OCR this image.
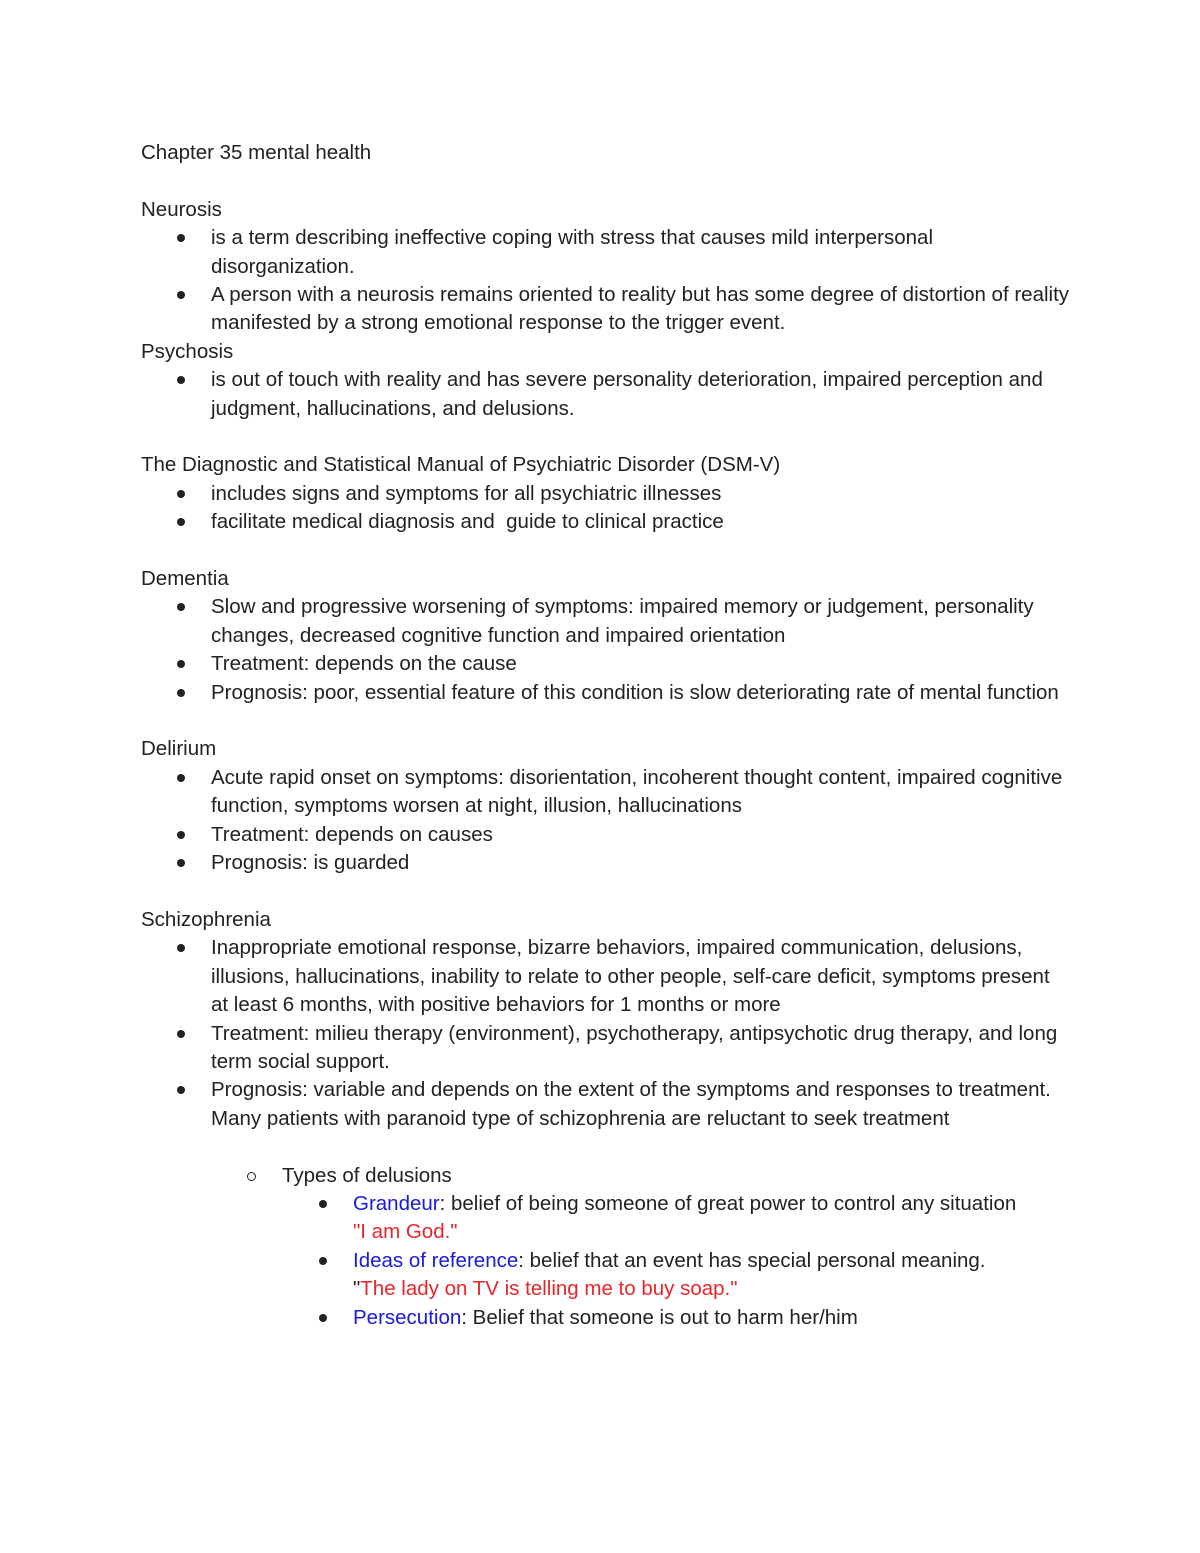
Chapter 35 mental health

Neurosis

is a term describing ineffective coping with stress that causes mild interpersonal disorganization.
A person with a neurosis remains oriented to reality but has some degree of distortion of reality manifested by a strong emotional response to the trigger event.

Psychosis

is out of touch with reality and has severe personality deterioration, impaired perception and judgment, hallucinations, and delusions.

The Diagnostic and Statistical Manual of Psychiatric Disorder (DSM-V)

includes signs and symptoms for all psychiatric illnesses
facilitate medical diagnosis and  guide to clinical practice

Dementia

Slow and progressive worsening of symptoms: impaired memory or judgement, personality changes, decreased cognitive function and impaired orientation
Treatment: depends on the cause
Prognosis: poor, essential feature of this condition is slow deteriorating rate of mental function

Delirium

Acute rapid onset on symptoms: disorientation, incoherent thought content, impaired cognitive function, symptoms worsen at night, illusion, hallucinations
Treatment: depends on causes
Prognosis: is guarded

Schizophrenia

Inappropriate emotional response, bizarre behaviors, impaired communication, delusions, illusions, hallucinations, inability to relate to other people, self-care deficit, symptoms present at least 6 months, with positive behaviors for 1 months or more
Treatment: milieu therapy (environment), psychotherapy, antipsychotic drug therapy, and long term social support.
Prognosis: variable and depends on the extent of the symptoms and responses to treatment. Many patients with paranoid type of schizophrenia are reluctant to seek treatment
Types of delusions
Grandeur: belief of being someone of great power to control any situation
"I am God."
Ideas of reference: belief that an event has special personal meaning.
"The lady on TV is telling me to buy soap."
Persecution: Belief that someone is out to harm her/him
